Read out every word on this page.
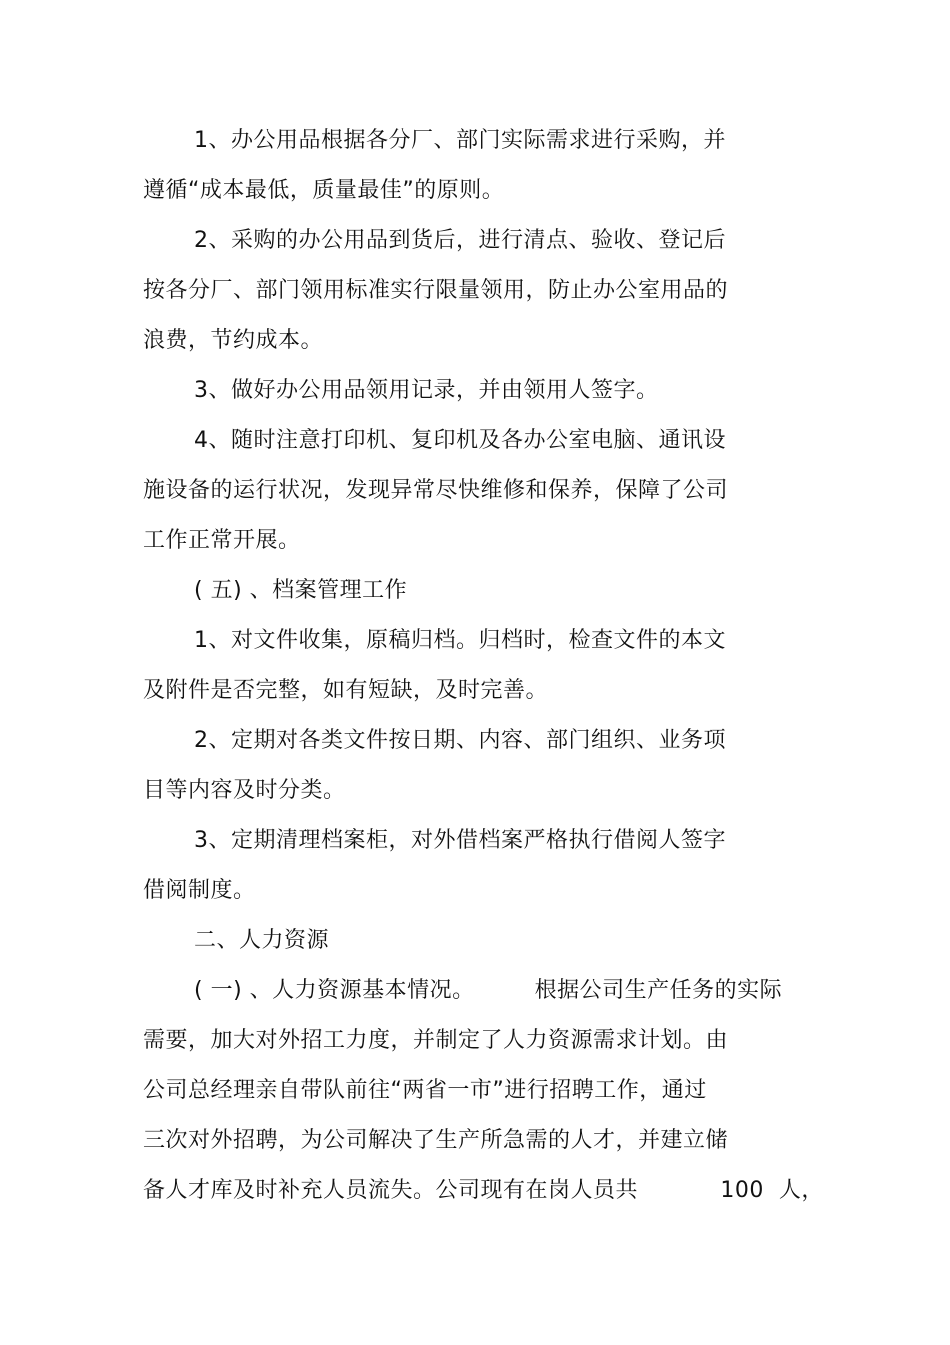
1、办公用品根据各分厂、部门实际需求进行采购，并
遵循“成本最低，质量最佳”的原则。
2、采购的办公用品到货后，进行清点、验收、登记后
按各分厂、部门领用标准实行限量领用，防止办公室用品的
浪费，节约成本。
3、做好办公用品领用记录，并由领用人签字。
4、随时注意打印机、复印机及各办公室电脑、通讯设
施设备的运行状况，发现异常尽快维修和保养，保障了公司
工作正常开展。
( 五) 、档案管理工作
1、对文件收集，原稿归档。归档时，检查文件的本文
及附件是否完整，如有短缺，及时完善。
2、定期对各类文件按日期、内容、部门组织、业务项
目等内容及时分类。
3、定期清理档案柜，对外借档案严格执行借阅人签字
借阅制度。
二、人力资源
( 一) 、人力资源基本情况。        根据公司生产任务的实际
需要，加大对外招工力度，并制定了人力资源需求计划。由
公司总经理亲自带队前往“两省一市”进行招聘工作，通过
三次对外招聘，为公司解决了生产所急需的人才，并建立储
备人才库及时补充人员流失。公司现有在岗人员共           100  人，
